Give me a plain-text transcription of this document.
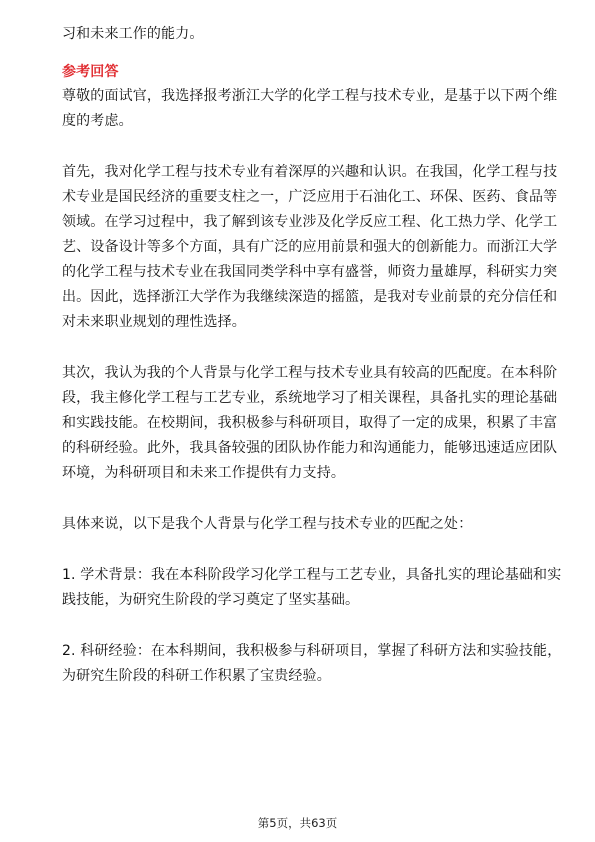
习和未来工作的能力。

参考回答

尊敬的面试官，我选择报考浙江大学的化学工程与技术专业，是基于以下两个维度的考虑。

首先，我对化学工程与技术专业有着深厚的兴趣和认识。在我国，化学工程与技术专业是国民经济的重要支柱之一，广泛应用于石油化工、环保、医药、食品等领域。在学习过程中，我了解到该专业涉及化学反应工程、化工热力学、化学工艺、设备设计等多个方面，具有广泛的应用前景和强大的创新能力。而浙江大学的化学工程与技术专业在我国同类学科中享有盛誉，师资力量雄厚，科研实力突出。因此，选择浙江大学作为我继续深造的摇篮，是我对专业前景的充分信任和对未来职业规划的理性选择。

其次，我认为我的个人背景与化学工程与技术专业具有较高的匹配度。在本科阶段，我主修化学工程与工艺专业，系统地学习了相关课程，具备扎实的理论基础和实践技能。在校期间，我积极参与科研项目，取得了一定的成果，积累了丰富的科研经验。此外，我具备较强的团队协作能力和沟通能力，能够迅速适应团队环境，为科研项目和未来工作提供有力支持。

具体来说，以下是我个人背景与化学工程与技术专业的匹配之处：

1. 学术背景：我在本科阶段学习化学工程与工艺专业，具备扎实的理论基础和实践技能，为研究生阶段的学习奠定了坚实基础。

2. 科研经验：在本科期间，我积极参与科研项目，掌握了科研方法和实验技能，为研究生阶段的科研工作积累了宝贵经验。

第5页，共63页
